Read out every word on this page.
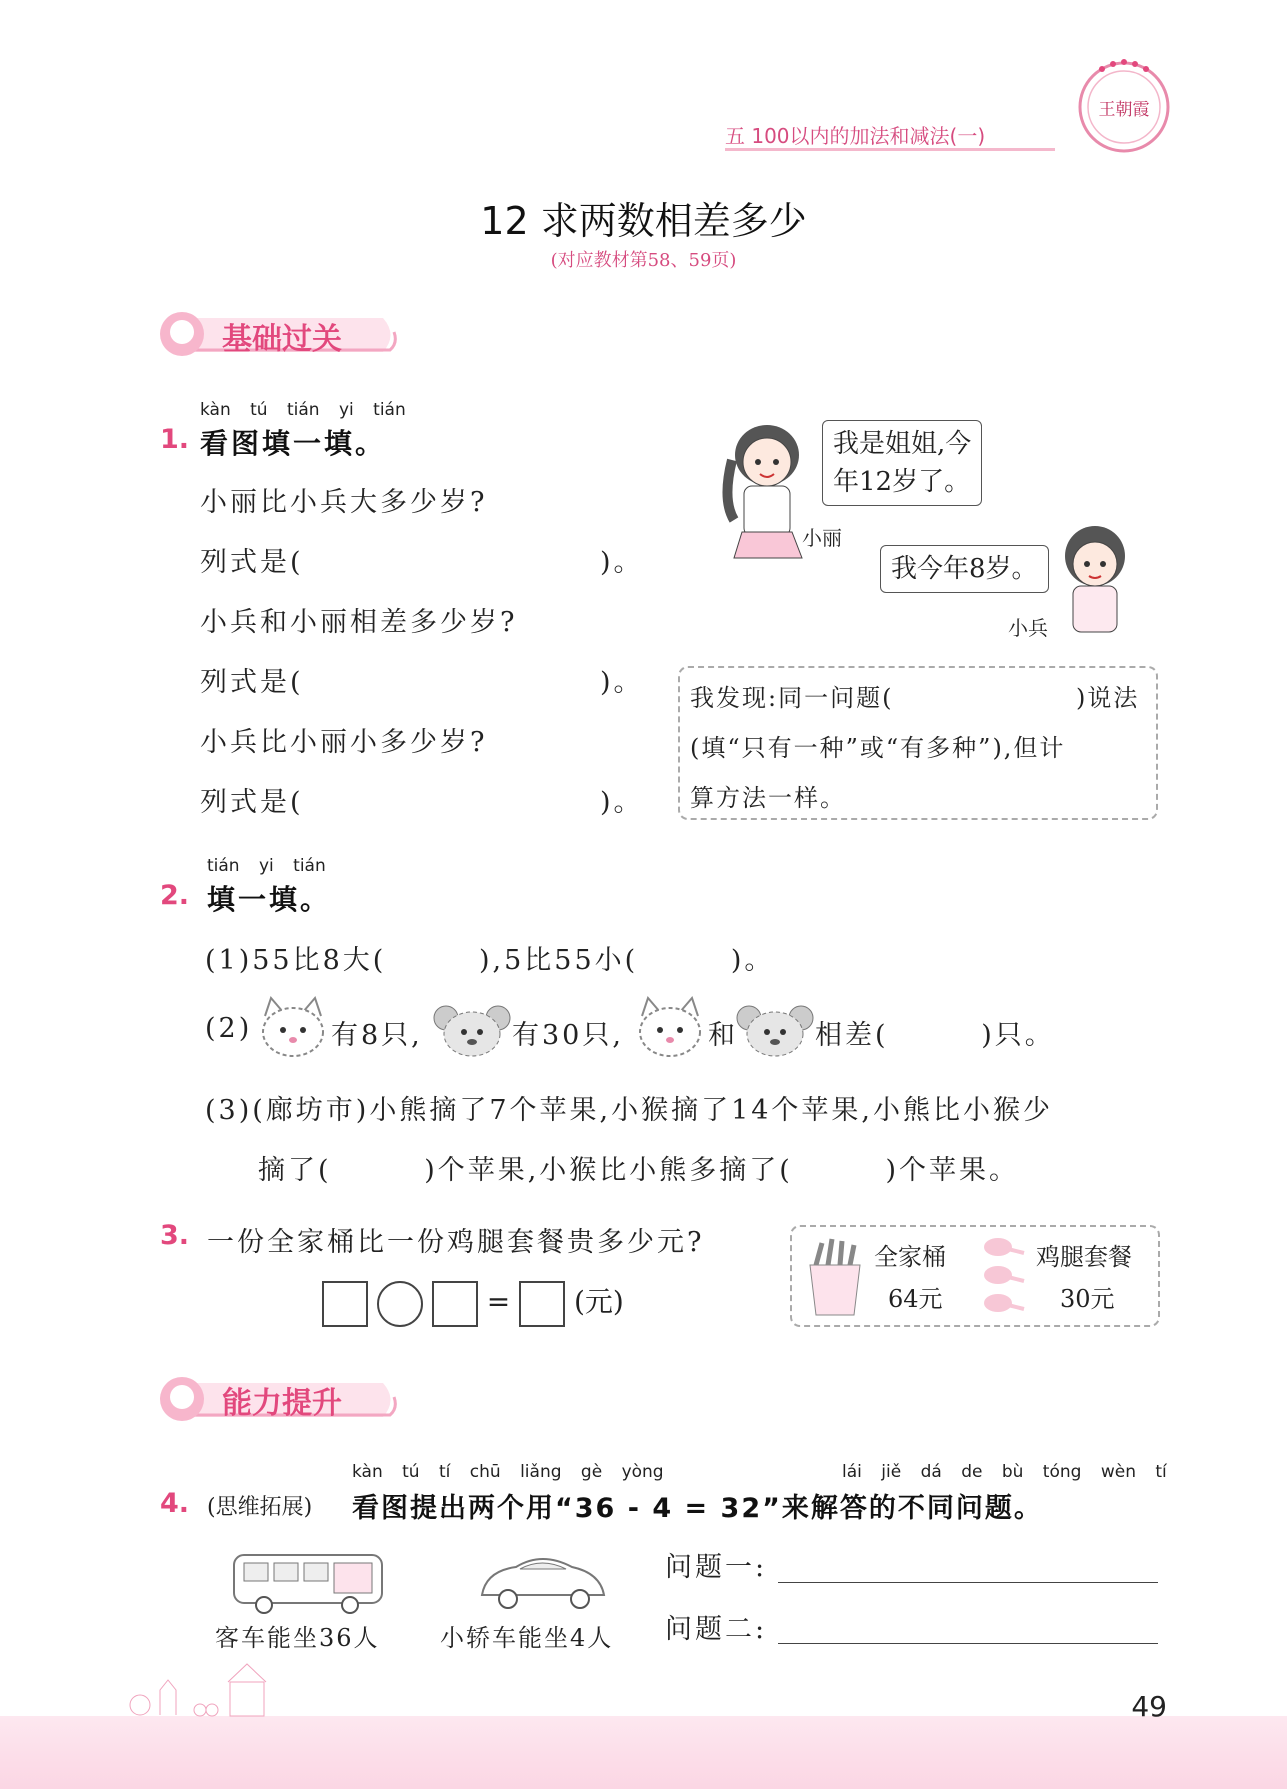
五 100以内的加法和减法(一)
王朝霞
12 求两数相差多少
(对应教材第58、59页)
基础过关
kàn tú tián yi tián
1. 看图填一填。
小丽比小兵大多少岁?
列式是(	)。
小兵和小丽相差多少岁?
列式是(	)。
小兵比小丽小多少岁?
列式是(	)。
我是姐姐,今
年12岁了。
小丽
我今年8岁。
小兵
我发现:同一问题(	)说法
(填“只有一种”或“有多种”),但计
算方法一样。
tián yi tián
2. 填一填。
(1)55比8大(        ),5比55小(        )。
(2)	有8只,	有30只,	和	相差(        )只。
(3)(廊坊市)小熊摘了7个苹果,小猴摘了14个苹果,小熊比小猴少
摘了(        )个苹果,小猴比小熊多摘了(        )个苹果。
3. 一份全家桶比一份鸡腿套餐贵多少元?
= (元)
全家桶
64元
鸡腿套餐
30元
能力提升
kàn tú tí chū liǎng gè yòng	lái jiě dá de bù tóng wèn tí
4. (思维拓展) 看图提出两个用“36 - 4 = 32”来解答的不同问题。
客车能坐36人	小轿车能坐4人
问题一:
问题二:
49
